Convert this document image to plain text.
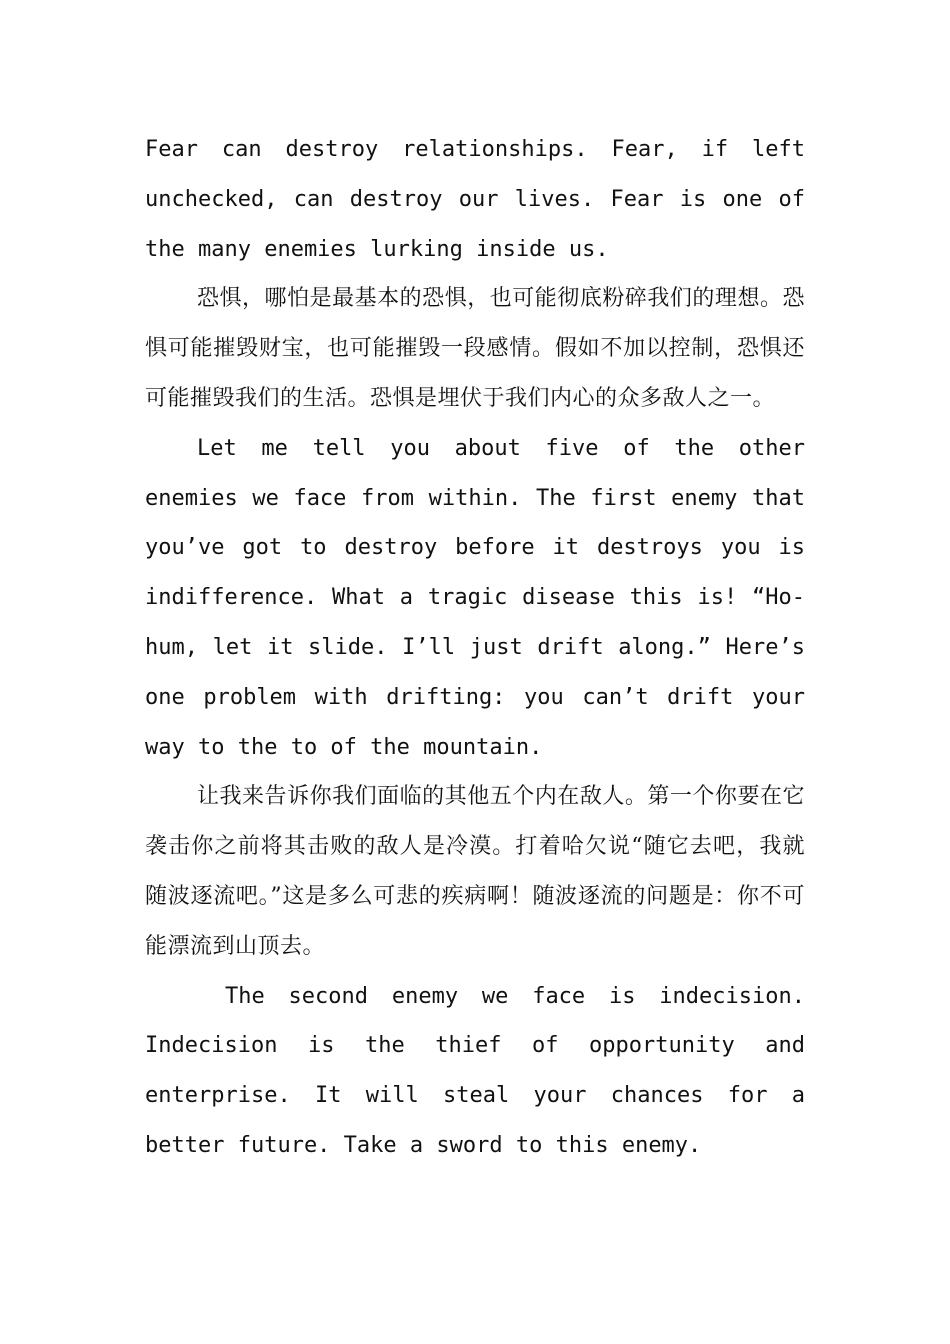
Fear can destroy relationships. Fear, if left unchecked, can destroy our lives. Fear is one of the many enemies lurking inside us.

恐惧，哪怕是最基本的恐惧，也可能彻底粉碎我们的理想。恐惧可能摧毁财宝，也可能摧毁一段感情。假如不加以控制，恐惧还可能摧毁我们的生活。恐惧是埋伏于我们内心的众多敌人之一。

Let me tell you about five of the other enemies we face from within. The first enemy that you’ve got to destroy before it destroys you is indifference. What a tragic disease this is! “Ho-hum, let it slide. I’ll just drift along.” Here’s one problem with drifting: you can’t drift your way to the to of the mountain.

让我来告诉你我们面临的其他五个内在敌人。第一个你要在它袭击你之前将其击败的敌人是冷漠。打着哈欠说“随它去吧，我就随波逐流吧。”这是多么可悲的疾病啊！随波逐流的问题是：你不可能漂流到山顶去。

The second enemy we face is indecision. Indecision is the thief of opportunity and enterprise. It will steal your chances for a better future. Take a sword to this enemy.
